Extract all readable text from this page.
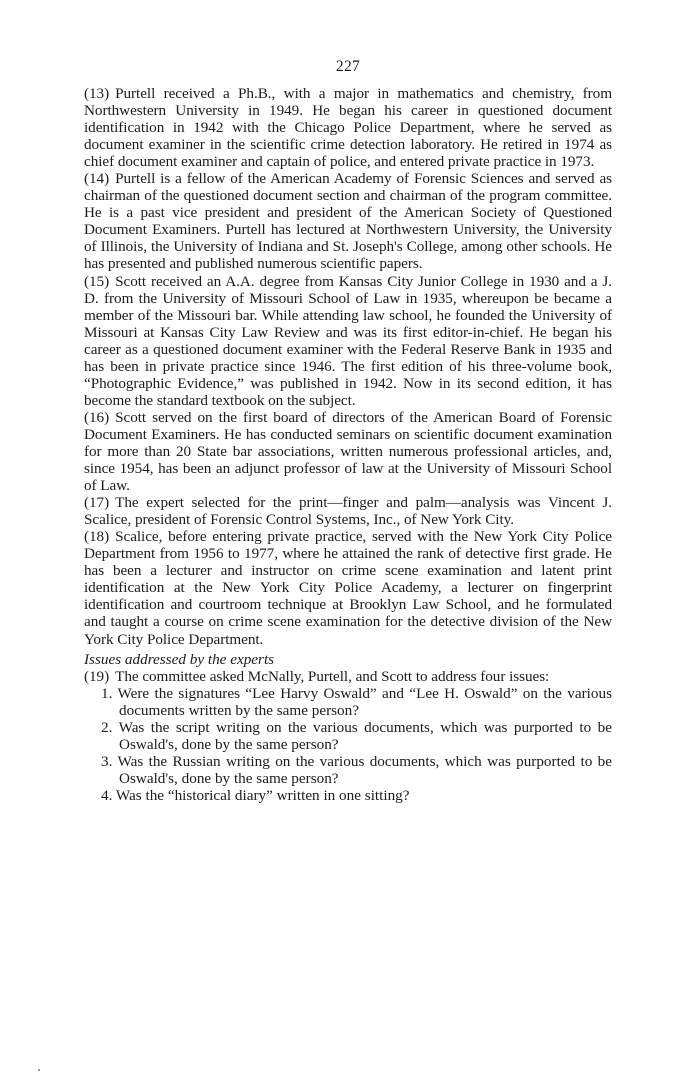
227

(13) Purtell received a Ph.B., with a major in mathematics and chemistry, from Northwestern University in 1949. He began his career in questioned document identification in 1942 with the Chicago Police Department, where he served as document examiner in the scientific crime detection laboratory. He retired in 1974 as chief document examiner and captain of police, and entered private practice in 1973.

(14) Purtell is a fellow of the American Academy of Forensic Sciences and served as chairman of the questioned document section and chairman of the program committee. He is a past vice president and president of the American Society of Questioned Document Examiners. Purtell has lectured at Northwestern University, the University of Illinois, the University of Indiana and St. Joseph's College, among other schools. He has presented and published numerous scientific papers.

(15) Scott received an A.A. degree from Kansas City Junior College in 1930 and a J. D. from the University of Missouri School of Law in 1935, whereupon be became a member of the Missouri bar. While attending law school, he founded the University of Missouri at Kansas City Law Review and was its first editor-in-chief. He began his career as a questioned document examiner with the Federal Reserve Bank in 1935 and has been in private practice since 1946. The first edition of his three-volume book, “Photographic Evidence,” was published in 1942. Now in its second edition, it has become the standard textbook on the subject.

(16) Scott served on the first board of directors of the American Board of Forensic Document Examiners. He has conducted seminars on scientific document examination for more than 20 State bar associations, written numerous professional articles, and, since 1954, has been an adjunct professor of law at the University of Missouri School of Law.

(17) The expert selected for the print—finger and palm—analysis was Vincent J. Scalice, president of Forensic Control Systems, Inc., of New York City.

(18) Scalice, before entering private practice, served with the New York City Police Department from 1956 to 1977, where he attained the rank of detective first grade. He has been a lecturer and instructor on crime scene examination and latent print identification at the New York City Police Academy, a lecturer on fingerprint identification and courtroom technique at Brooklyn Law School, and he formulated and taught a course on crime scene examination for the detective division of the New York City Police Department.

Issues addressed by the experts

(19) The committee asked McNally, Purtell, and Scott to address four issues:

1. Were the signatures “Lee Harvy Oswald” and “Lee H. Oswald” on the various documents written by the same person?
2. Was the script writing on the various documents, which was purported to be Oswald's, done by the same person?
3. Was the Russian writing on the various documents, which was purported to be Oswald's, done by the same person?
4. Was the “historical diary” written in one sitting?
